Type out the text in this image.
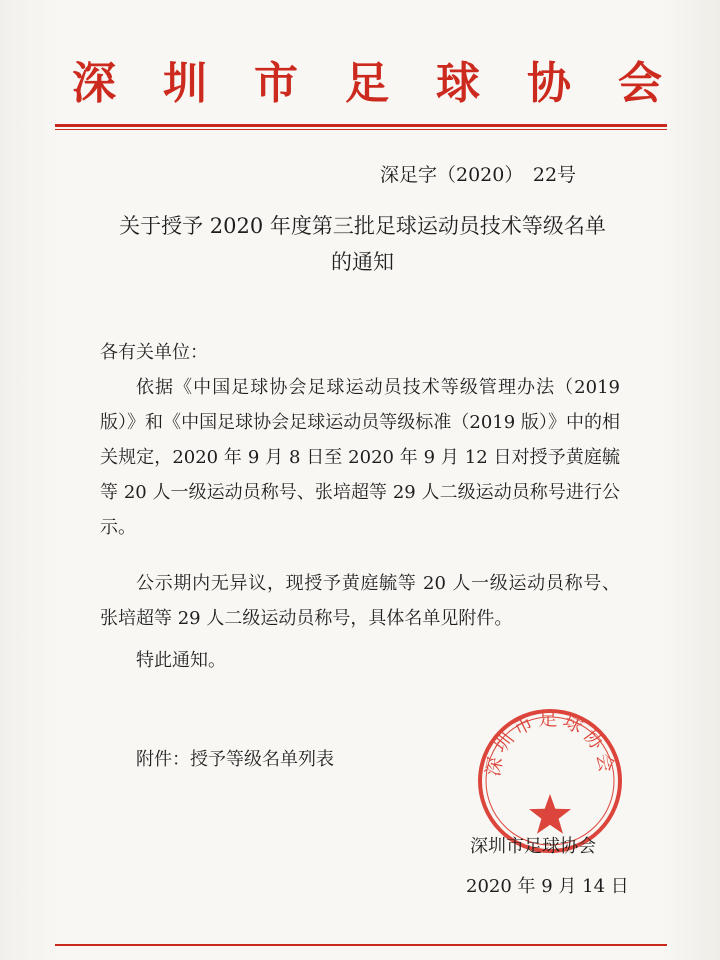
深 圳 市 足 球 协 会
深足字（2020）　22号
关于授予 2020 年度第三批足球运动员技术等级名单
的通知
各有关单位：
依据《中国足球协会足球运动员技术等级管理办法（2019 版）》和《中国足球协会足球运动员等级标准（2019 版）》中的相关规定，2020 年 9 月 8 日至 2020 年 9 月 12 日对授予黄庭毓等 20 人一级运动员称号、张培超等 29 人二级运动员称号进行公示。
公示期内无异议，现授予黄庭毓等 20 人一级运动员称号、张培超等 29 人二级运动员称号，具体名单见附件。
特此通知。
附件：授予等级名单列表	深圳市足球协会
深圳市足球协会
2020 年 9 月 14 日
